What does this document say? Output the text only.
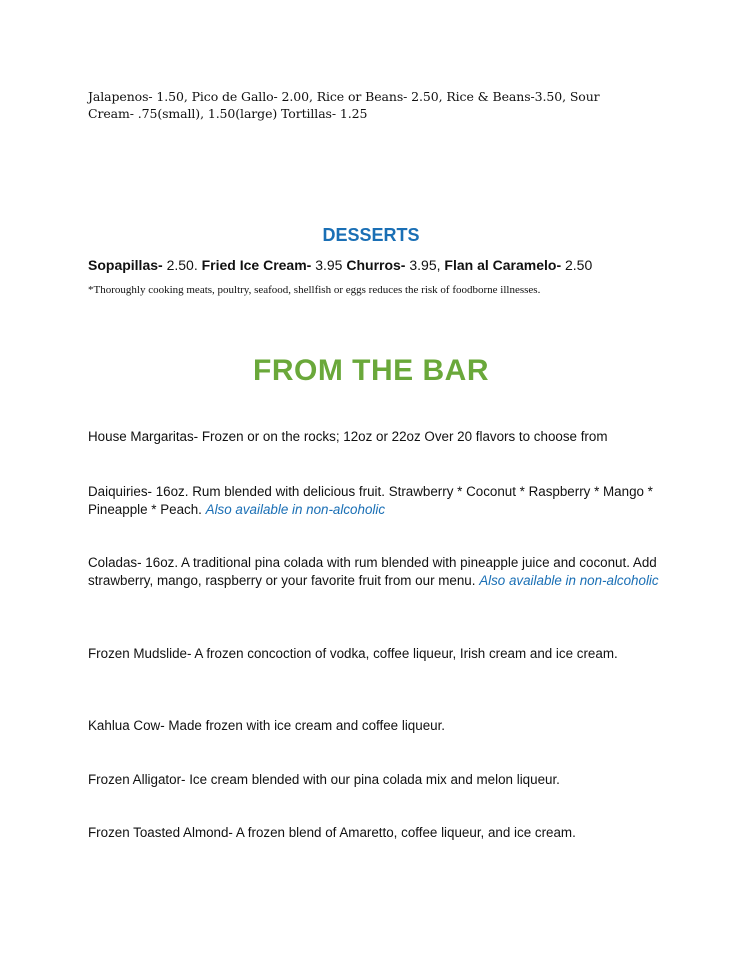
Jalapenos- 1.50, Pico de Gallo- 2.00, Rice or Beans- 2.50, Rice & Beans-3.50, Sour Cream- .75(small), 1.50(large) Tortillas- 1.25
DESSERTS
Sopapillas- 2.50. Fried Ice Cream- 3.95 Churros- 3.95, Flan al Caramelo- 2.50
*Thoroughly cooking meats, poultry, seafood, shellfish or eggs reduces the risk of foodborne illnesses.
FROM THE BAR
House Margaritas- Frozen or on the rocks; 12oz or 22oz Over 20 flavors to choose from
Daiquiries- 16oz. Rum blended with delicious fruit. Strawberry * Coconut * Raspberry * Mango * Pineapple * Peach. Also available in non-alcoholic
Coladas- 16oz. A traditional pina colada with rum blended with pineapple juice and coconut. Add strawberry, mango, raspberry or your favorite fruit from our menu. Also available in non-alcoholic
Frozen Mudslide- A frozen concoction of vodka, coffee liqueur, Irish cream and ice cream.
Kahlua Cow- Made frozen with ice cream and coffee liqueur.
Frozen Alligator- Ice cream blended with our pina colada mix and melon liqueur.
Frozen Toasted Almond- A frozen blend of Amaretto, coffee liqueur, and ice cream.
